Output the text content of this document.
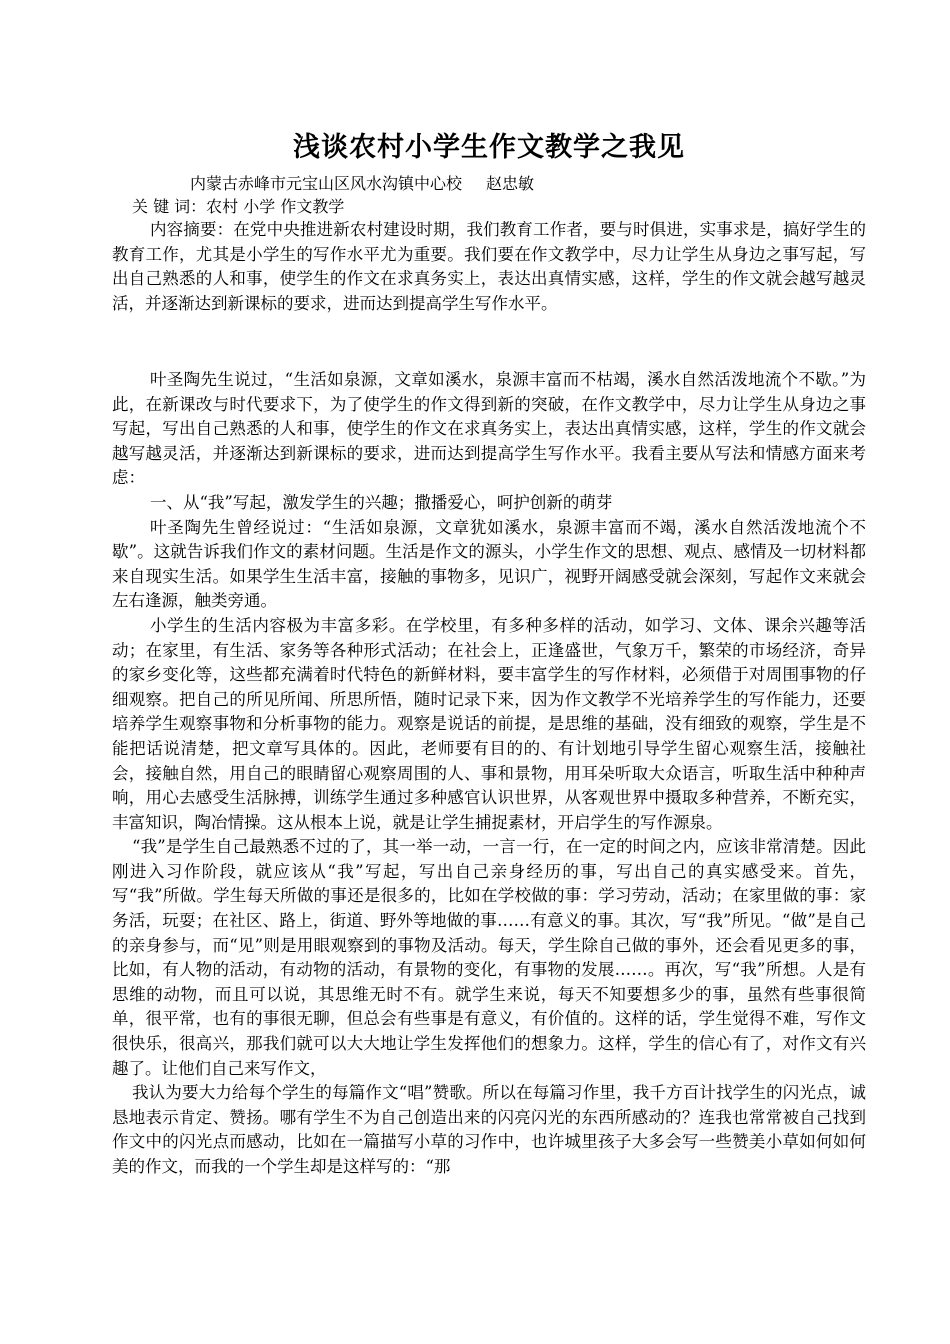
浅谈农村小学生作文教学之我见

内蒙古赤峰市元宝山区风水沟镇中心校 赵忠敏

关 键 词：农村 小学 作文教学

内容摘要：在党中央推进新农村建设时期，我们教育工作者，要与时俱进，实事求是，搞好学生的教育工作，尤其是小学生的写作水平尤为重要。我们要在作文教学中，尽力让学生从身边之事写起，写出自己熟悉的人和事，使学生的作文在求真务实上，表达出真情实感，这样，学生的作文就会越写越灵活，并逐渐达到新课标的要求，进而达到提高学生写作水平。

叶圣陶先生说过，“生活如泉源，文章如溪水，泉源丰富而不枯竭，溪水自然活泼地流个不歇。”为此，在新课改与时代要求下，为了使学生的作文得到新的突破，在作文教学中，尽力让学生从身边之事写起，写出自己熟悉的人和事，使学生的作文在求真务实上，表达出真情实感，这样，学生的作文就会越写越灵活，并逐渐达到新课标的要求，进而达到提高学生写作水平。我看主要从写法和情感方面来考虑：

一、从“我”写起，激发学生的兴趣；撒播爱心，呵护创新的萌芽

叶圣陶先生曾经说过：“生活如泉源，文章犹如溪水，泉源丰富而不竭，溪水自然活泼地流个不歇”。这就告诉我们作文的素材问题。生活是作文的源头，小学生作文的思想、观点、感情及一切材料都来自现实生活。如果学生生活丰富，接触的事物多，见识广，视野开阔感受就会深刻，写起作文来就会左右逢源，触类旁通。

小学生的生活内容极为丰富多彩。在学校里，有多种多样的活动，如学习、文体、课余兴趣等活动；在家里，有生活、家务等各种形式活动；在社会上，正逢盛世，气象万千，繁荣的市场经济，奇异的家乡变化等，这些都充满着时代特色的新鲜材料，要丰富学生的写作材料，必须借于对周围事物的仔细观察。把自己的所见所闻、所思所悟，随时记录下来，因为作文教学不光培养学生的写作能力，还要培养学生观察事物和分析事物的能力。观察是说话的前提，是思维的基础，没有细致的观察，学生是不能把话说清楚，把文章写具体的。因此，老师要有目的的、有计划地引导学生留心观察生活，接触社会，接触自然，用自己的眼睛留心观察周围的人、事和景物，用耳朵听取大众语言，听取生活中种种声响，用心去感受生活脉搏，训练学生通过多种感官认识世界，从客观世界中摄取多种营养，不断充实，丰富知识，陶冶情操。这从根本上说，就是让学生捕捉素材，开启学生的写作源泉。

“我”是学生自己最熟悉不过的了，其一举一动，一言一行，在一定的时间之内，应该非常清楚。因此刚进入习作阶段，就应该从“我”写起，写出自己亲身经历的事，写出自己的真实感受来。首先，写“我”所做。学生每天所做的事还是很多的，比如在学校做的事：学习劳动，活动；在家里做的事：家务活，玩耍；在社区、路上，街道、野外等地做的事……有意义的事。其次，写“我”所见。“做”是自己的亲身参与，而“见”则是用眼观察到的事物及活动。每天，学生除自己做的事外，还会看见更多的事，比如，有人物的活动，有动物的活动，有景物的变化，有事物的发展……。再次，写“我”所想。人是有思维的动物，而且可以说，其思维无时不有。就学生来说，每天不知要想多少的事，虽然有些事很简单，很平常，也有的事很无聊，但总会有些事是有意义，有价值的。这样的话，学生觉得不难，写作文很快乐，很高兴，那我们就可以大大地让学生发挥他们的想象力。这样，学生的信心有了，对作文有兴趣了。让他们自己来写作文，

我认为要大力给每个学生的每篇作文“唱”赞歌。所以在每篇习作里，我千方百计找学生的闪光点，诚恳地表示肯定、赞扬。哪有学生不为自己创造出来的闪亮闪光的东西所感动的？连我也常常被自己找到作文中的闪光点而感动，比如在一篇描写小草的习作中，也许城里孩子大多会写一些赞美小草如何如何美的作文，而我的一个学生却是这样写的：“那
